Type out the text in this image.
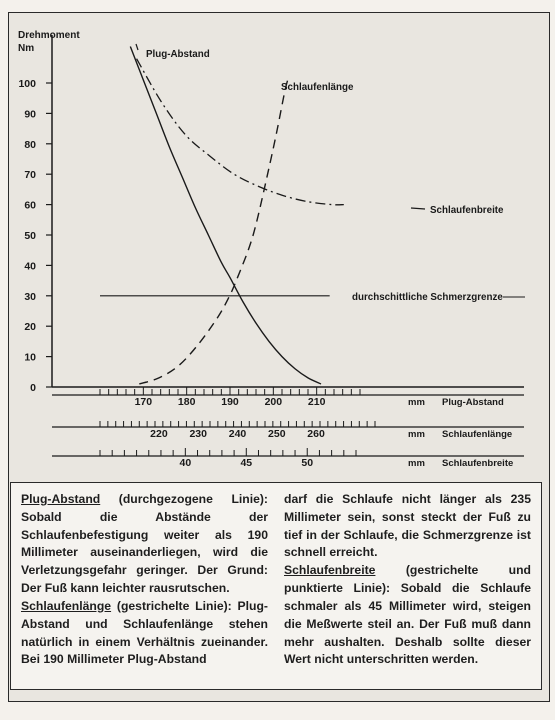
Drehmoment
Nm
0
10
20
30
40
50
60
70
80
90
100
170 180 190 200 210	mm Plug-Abstand
220 230 240 250 260	mm Schlaufenlänge
40	45	50	mm Schlaufenbreite
Plug-Abstand
Schlaufenlänge
Schlaufenbreite
durchschittliche Schmerzgrenze

Plug-Abstand (durchgezogene Linie): Sobald die Abstände der Schlaufenbefestigung weiter als 190 Millimeter auseinanderliegen, wird die Verletzungsgefahr geringer. Der Grund: Der Fuß kann leichter rausrutschen.

Schlaufenlänge (gestrichelte Linie): Plug-Abstand und Schlaufenlänge stehen natürlich in einem Verhältnis zueinander. Bei 190 Millimeter Plug-Abstand

darf die Schlaufe nicht länger als 235 Millimeter sein, sonst steckt der Fuß zu tief in der Schlaufe, die Schmerzgrenze ist schnell erreicht.

Schlaufenbreite (gestrichelte und punktierte Linie): Sobald die Schlaufe schmaler als 45 Millimeter wird, steigen die Meßwerte steil an. Der Fuß muß dann mehr aushalten. Deshalb sollte dieser Wert nicht unterschritten werden.
